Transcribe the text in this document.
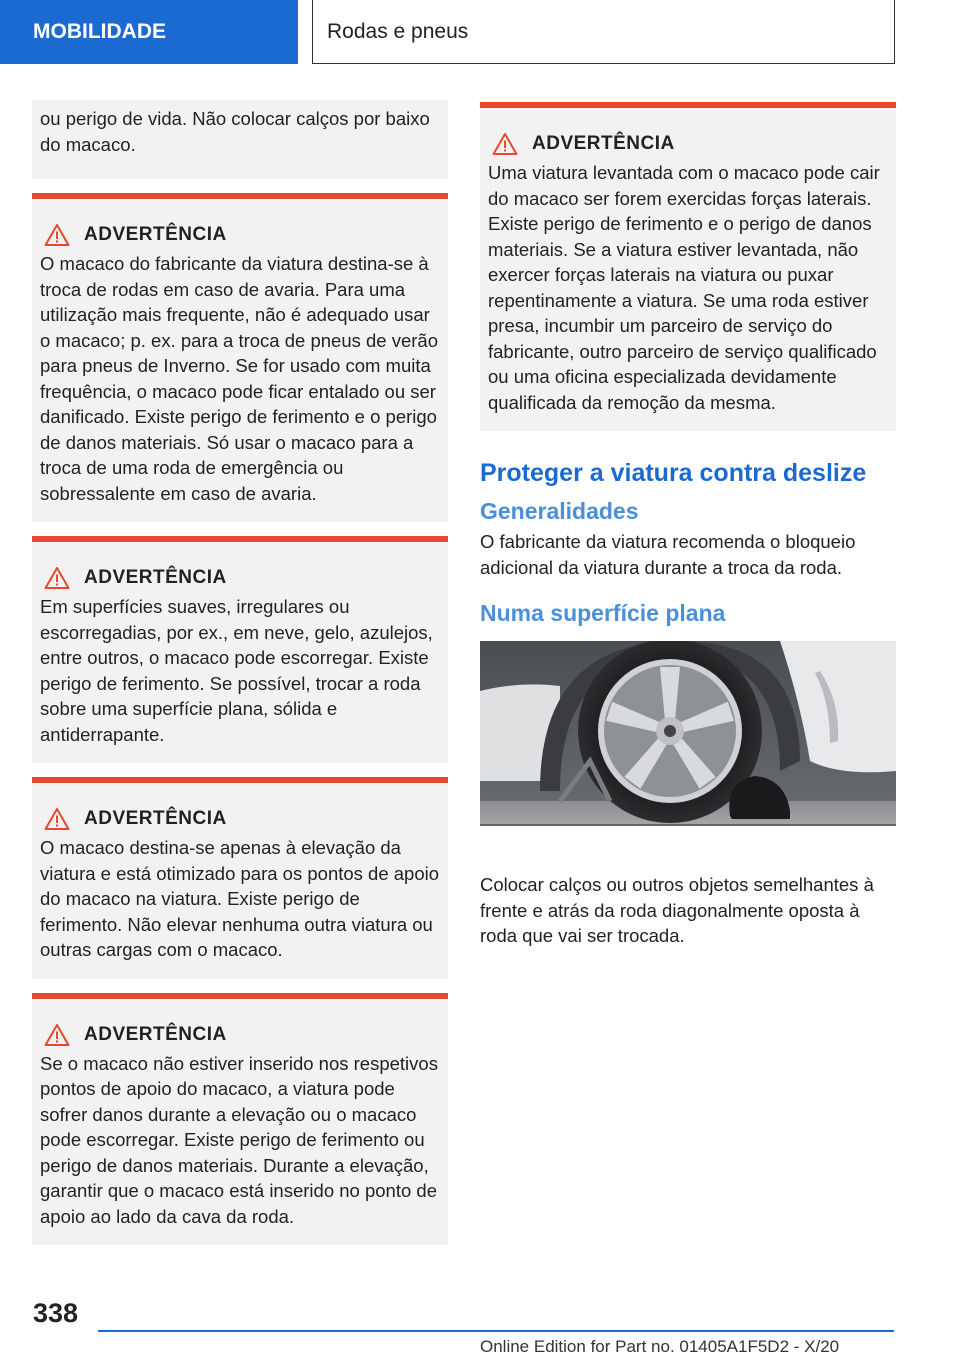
MOBILIDADE	Rodas e pneus

ou perigo de vida. Não colocar calços por baixo do macaco.

ADVERTÊNCIA

O macaco do fabricante da viatura destina-se à troca de rodas em caso de avaria. Para uma utilização mais frequente, não é adequado usar o macaco; p. ex. para a troca de pneus de verão para pneus de Inverno. Se for usado com muita frequência, o macaco pode ficar entalado ou ser danificado. Existe perigo de ferimento e o perigo de danos materiais. Só usar o macaco para a troca de uma roda de emergência ou sobressalente em caso de avaria.

ADVERTÊNCIA

Em superfícies suaves, irregulares ou escorregadias, por ex., em neve, gelo, azulejos, entre outros, o macaco pode escorregar. Existe perigo de ferimento. Se possível, trocar a roda sobre uma superfície plana, sólida e antiderrapante.

ADVERTÊNCIA

O macaco destina-se apenas à elevação da viatura e está otimizado para os pontos de apoio do macaco na viatura. Existe perigo de ferimento. Não elevar nenhuma outra viatura ou outras cargas com o macaco.

ADVERTÊNCIA

Se o macaco não estiver inserido nos respetivos pontos de apoio do macaco, a viatura pode sofrer danos durante a elevação ou o macaco pode escorregar. Existe perigo de ferimento ou perigo de danos materiais. Durante a elevação, garantir que o macaco está inserido no ponto de apoio ao lado da cava da roda.

ADVERTÊNCIA

Uma viatura levantada com o macaco pode cair do macaco ser forem exercidas forças laterais. Existe perigo de ferimento e o perigo de danos materiais. Se a viatura estiver levantada, não exercer forças laterais na viatura ou puxar repentinamente a viatura. Se uma roda estiver presa, incumbir um parceiro de serviço do fabricante, outro parceiro de serviço qualificado ou uma oficina especializada devidamente qualificada da remoção da mesma.

Proteger a viatura contra deslize
Generalidades

O fabricante da viatura recomenda o bloqueio adicional da viatura durante a troca da roda.

Numa superfície plana

Colocar calços ou outros objetos semelhantes à frente e atrás da roda diagonalmente oposta à roda que vai ser trocada.

338
Online Edition for Part no. 01405A1F5D2 - X/20
